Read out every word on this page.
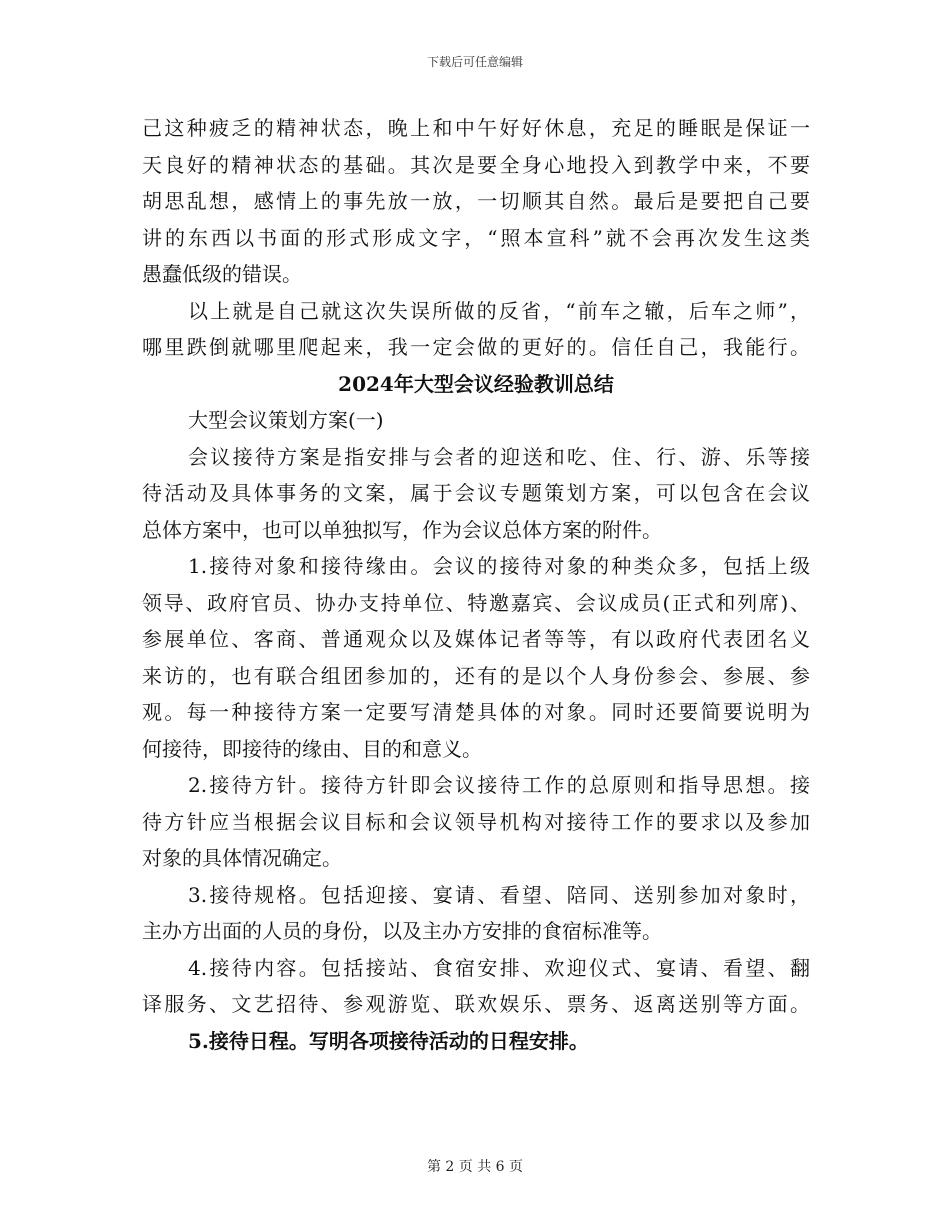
下载后可任意编辑
己这种疲乏的精神状态，晚上和中午好好休息，充足的睡眠是保证一
天良好的精神状态的基础。其次是要全身心地投入到教学中来，不要
胡思乱想，感情上的事先放一放，一切顺其自然。最后是要把自己要
讲的东西以书面的形式形成文字，“照本宣科”就不会再次发生这类
愚蠢低级的错误。
以上就是自己就这次失误所做的反省，“前车之辙，后车之师”，
哪里跌倒就哪里爬起来，我一定会做的更好的。信任自己，我能行。
2024年大型会议经验教训总结
大型会议策划方案(一)
会议接待方案是指安排与会者的迎送和吃、住、行、游、乐等接
待活动及具体事务的文案，属于会议专题策划方案，可以包含在会议
总体方案中，也可以单独拟写，作为会议总体方案的附件。
1.接待对象和接待缘由。会议的接待对象的种类众多，包括上级
领导、政府官员、协办支持单位、特邀嘉宾、会议成员(正式和列席)、
参展单位、客商、普通观众以及媒体记者等等，有以政府代表团名义
来访的，也有联合组团参加的，还有的是以个人身份参会、参展、参
观。每一种接待方案一定要写清楚具体的对象。同时还要简要说明为
何接待，即接待的缘由、目的和意义。
2.接待方针。接待方针即会议接待工作的总原则和指导思想。接
待方针应当根据会议目标和会议领导机构对接待工作的要求以及参加
对象的具体情况确定。
3.接待规格。包括迎接、宴请、看望、陪同、送别参加对象时，
主办方出面的人员的身份，以及主办方安排的食宿标准等。
4.接待内容。包括接站、食宿安排、欢迎仪式、宴请、看望、翻
译服务、文艺招待、参观游览、联欢娱乐、票务、返离送别等方面。
5.接待日程。写明各项接待活动的日程安排。
第 2 页 共 6 页
